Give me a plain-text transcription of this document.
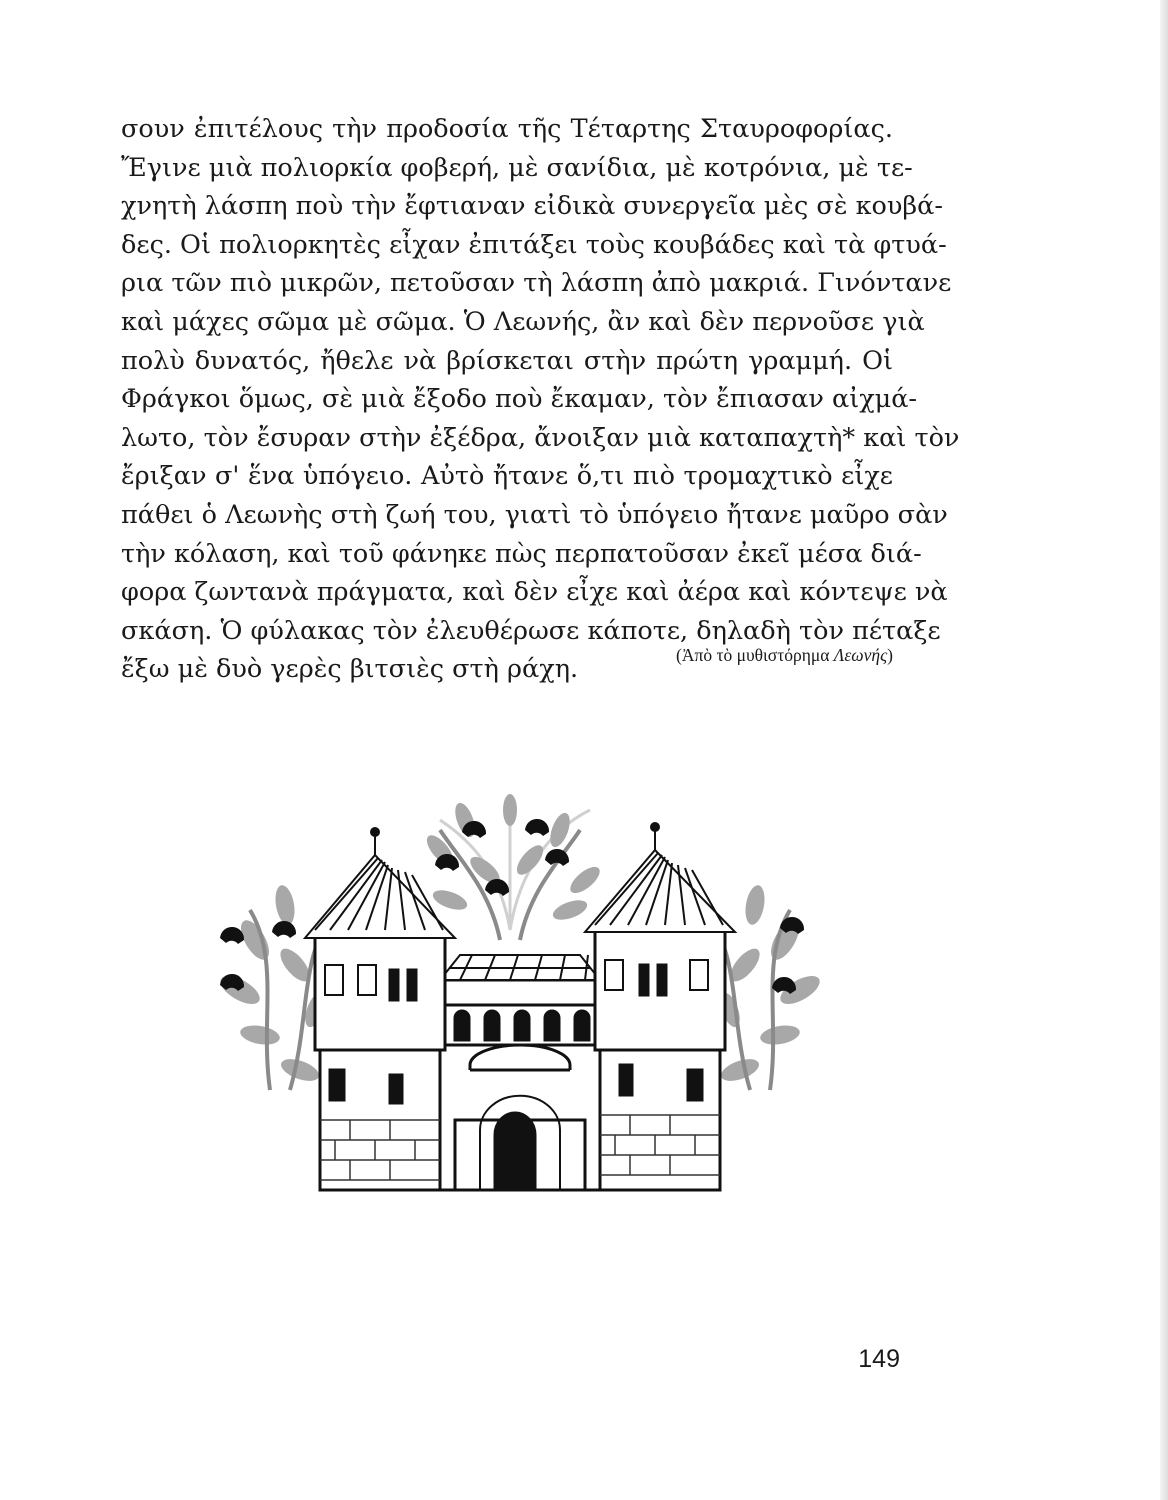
σουν ἐπιτέλους τὴν προδοσία τῆς Τέταρτης Σταυροφορίας.
Ἔγινε μιὰ πολιορκία φοβερή, μὲ σανίδια, μὲ κοτρόνια, μὲ τε-
χνητὴ λάσπη ποὺ τὴν ἔφτιαναν εἰδικὰ συνεργεῖα μὲς σὲ κουβά-
δες. Οἱ πολιορκητὲς εἶχαν ἐπιτάξει τοὺς κουβάδες καὶ τὰ φτυά-
ρια τῶν πιὸ μικρῶν, πετοῦσαν τὴ λάσπη ἀπὸ μακριά. Γινόντανε
καὶ μάχες σῶμα μὲ σῶμα. Ὁ Λεωνής, ἂν καὶ δὲν περνοῦσε γιὰ
πολὺ δυνατός, ἤθελε νὰ βρίσκεται στὴν πρώτη γραμμή. Οἱ
Φράγκοι ὅμως, σὲ μιὰ ἔξοδο ποὺ ἔκαμαν, τὸν ἔπιασαν αἰχμά-
λωτο, τὸν ἔσυραν στὴν ἐξέδρα, ἄνοιξαν μιὰ καταπαχτὴ* καὶ τὸν
ἔριξαν σ' ἕνα ὑπόγειο. Αὐτὸ ἤτανε ὅ,τι πιὸ τρομαχτικὸ εἶχε
πάθει ὁ Λεωνὴς στὴ ζωή του, γιατὶ τὸ ὑπόγειο ἤτανε μαῦρο σὰν
τὴν κόλαση, καὶ τοῦ φάνηκε πὼς περπατοῦσαν ἐκεῖ μέσα διά-
φορα ζωντανὰ πράγματα, καὶ δὲν εἶχε καὶ ἀέρα καὶ κόντεψε νὰ
σκάση. Ὁ φύλακας τὸν ἐλευθέρωσε κάποτε, δηλαδὴ τὸν πέταξε
ἔξω μὲ δυὸ γερὲς βιτσιὲς στὴ ράχη.	(Ἀπὸ τὸ μυθιστόρημα Λεωνής)
149
